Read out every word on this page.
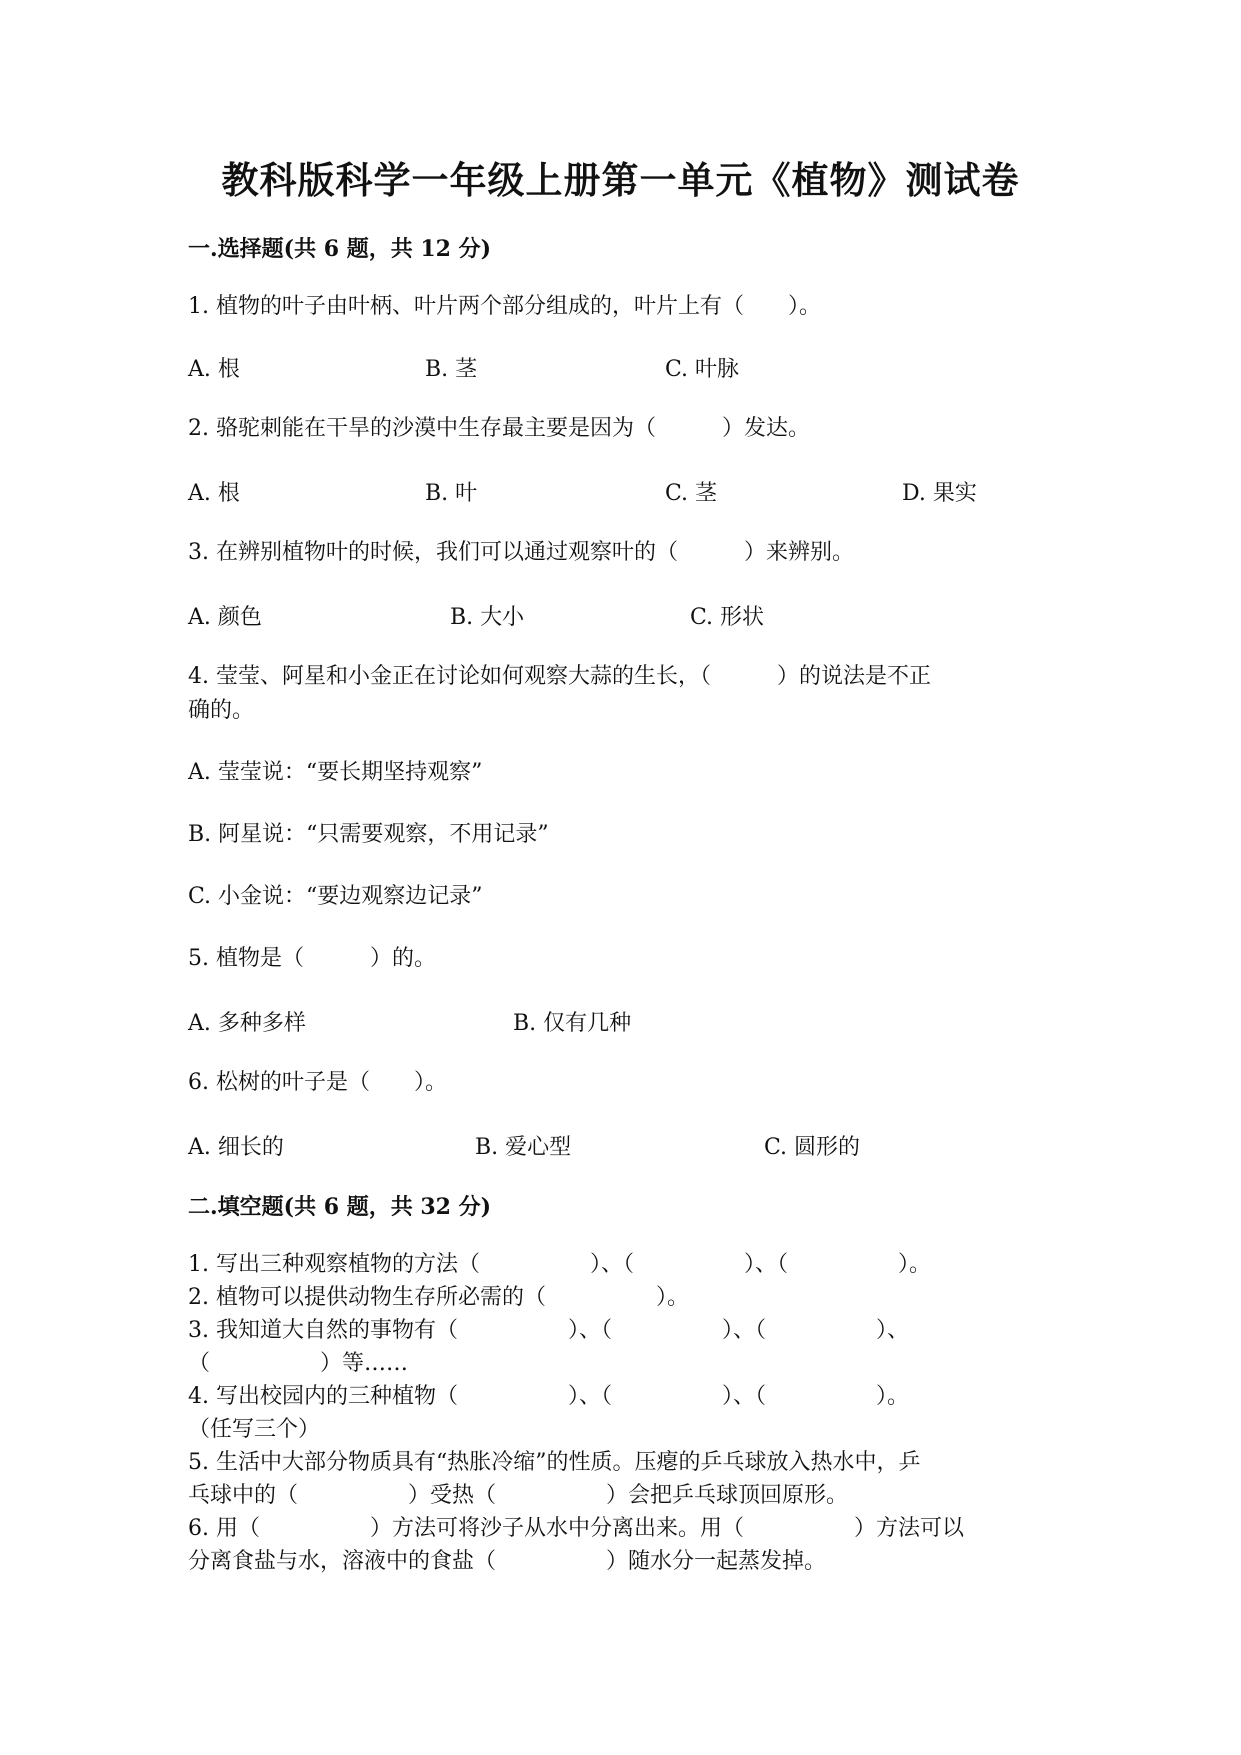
教科版科学一年级上册第一单元《植物》测试卷
一.选择题(共 6 题，共 12 分)
1. 植物的叶子由叶柄、叶片两个部分组成的，叶片上有（　　）。
A. 根	B. 茎	C. 叶脉
2. 骆驼刺能在干旱的沙漠中生存最主要是因为（　　　）发达。
A. 根	B. 叶	C. 茎	D. 果实
3. 在辨别植物叶的时候，我们可以通过观察叶的（　　　）来辨别。
A. 颜色	B. 大小	C. 形状
4. 莹莹、阿星和小金正在讨论如何观察大蒜的生长，（　　　）的说法是不正
确的。
A. 莹莹说：“要长期坚持观察”
B. 阿星说：“只需要观察，不用记录”
C. 小金说：“要边观察边记录”
5. 植物是（　　　）的。
A. 多种多样	B. 仅有几种
6. 松树的叶子是（　　）。
A. 细长的	B. 爱心型	C. 圆形的
二.填空题(共 6 题，共 32 分)
1. 写出三种观察植物的方法（　　　　　）、（　　　　　）、（　　　　　）。
2. 植物可以提供动物生存所必需的（　　　　　）。
3. 我知道大自然的事物有（　　　　　）、（　　　　　）、（　　　　　）、
（　　　　　）等……
4. 写出校园内的三种植物（　　　　　）、（　　　　　）、（　　　　　）。
（任写三个）
5. 生活中大部分物质具有“热胀冷缩”的性质。压瘪的乒乓球放入热水中，乒
乓球中的（　　　　　）受热（　　　　　）会把乒乓球顶回原形。
6. 用（　　　　　）方法可将沙子从水中分离出来。用（　　　　　）方法可以
分离食盐与水，溶液中的食盐（　　　　　）随水分一起蒸发掉。
